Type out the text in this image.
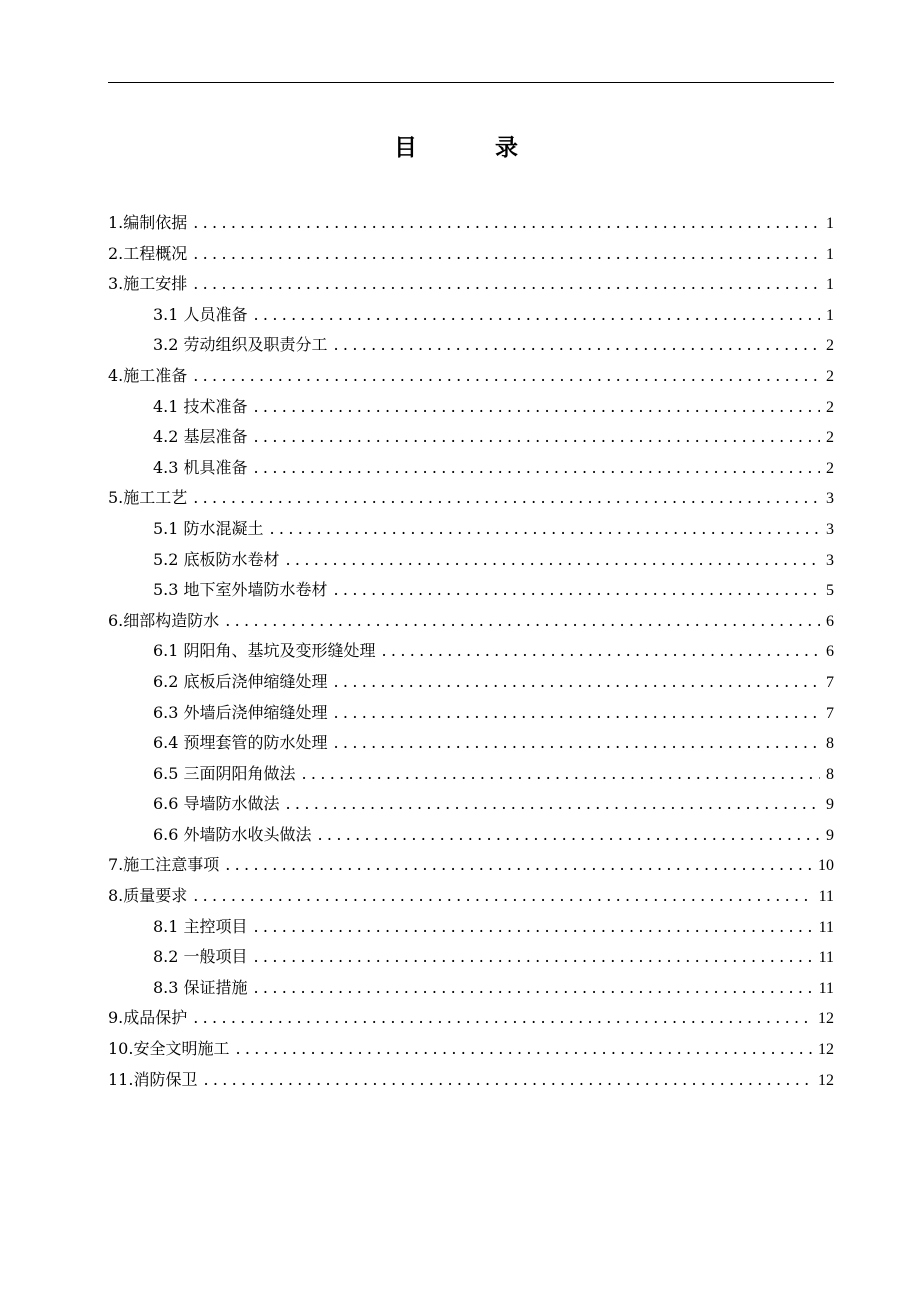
目录
1.编制依据 .....	1
2.工程概况 .....	1
3.施工安排 .....	1
3.1 人员准备 .....	1
3.2 劳动组织及职责分工 .....	2
4.施工准备 .....	2
4.1 技术准备 .....	2
4.2 基层准备 .....	2
4.3 机具准备 .....	2
5.施工工艺 .....	3
5.1 防水混凝土 .....	3
5.2 底板防水卷材 .....	3
5.3 地下室外墙防水卷材 .....	5
6.细部构造防水 .....	6
6.1 阴阳角、基坑及变形缝处理 .....	6
6.2 底板后浇伸缩缝处理 .....	7
6.3 外墙后浇伸缩缝处理 .....	7
6.4 预埋套管的防水处理 .....	8
6.5 三面阴阳角做法 .....	8
6.6 导墙防水做法 .....	9
6.6 外墙防水收头做法 .....	9
7.施工注意事项 .....	10
8.质量要求 .....	11
8.1 主控项目 .....	11
8.2 一般项目 .....	11
8.3 保证措施 .....	11
9.成品保护 .....	12
10.安全文明施工 .....	12
11.消防保卫 .....	12
